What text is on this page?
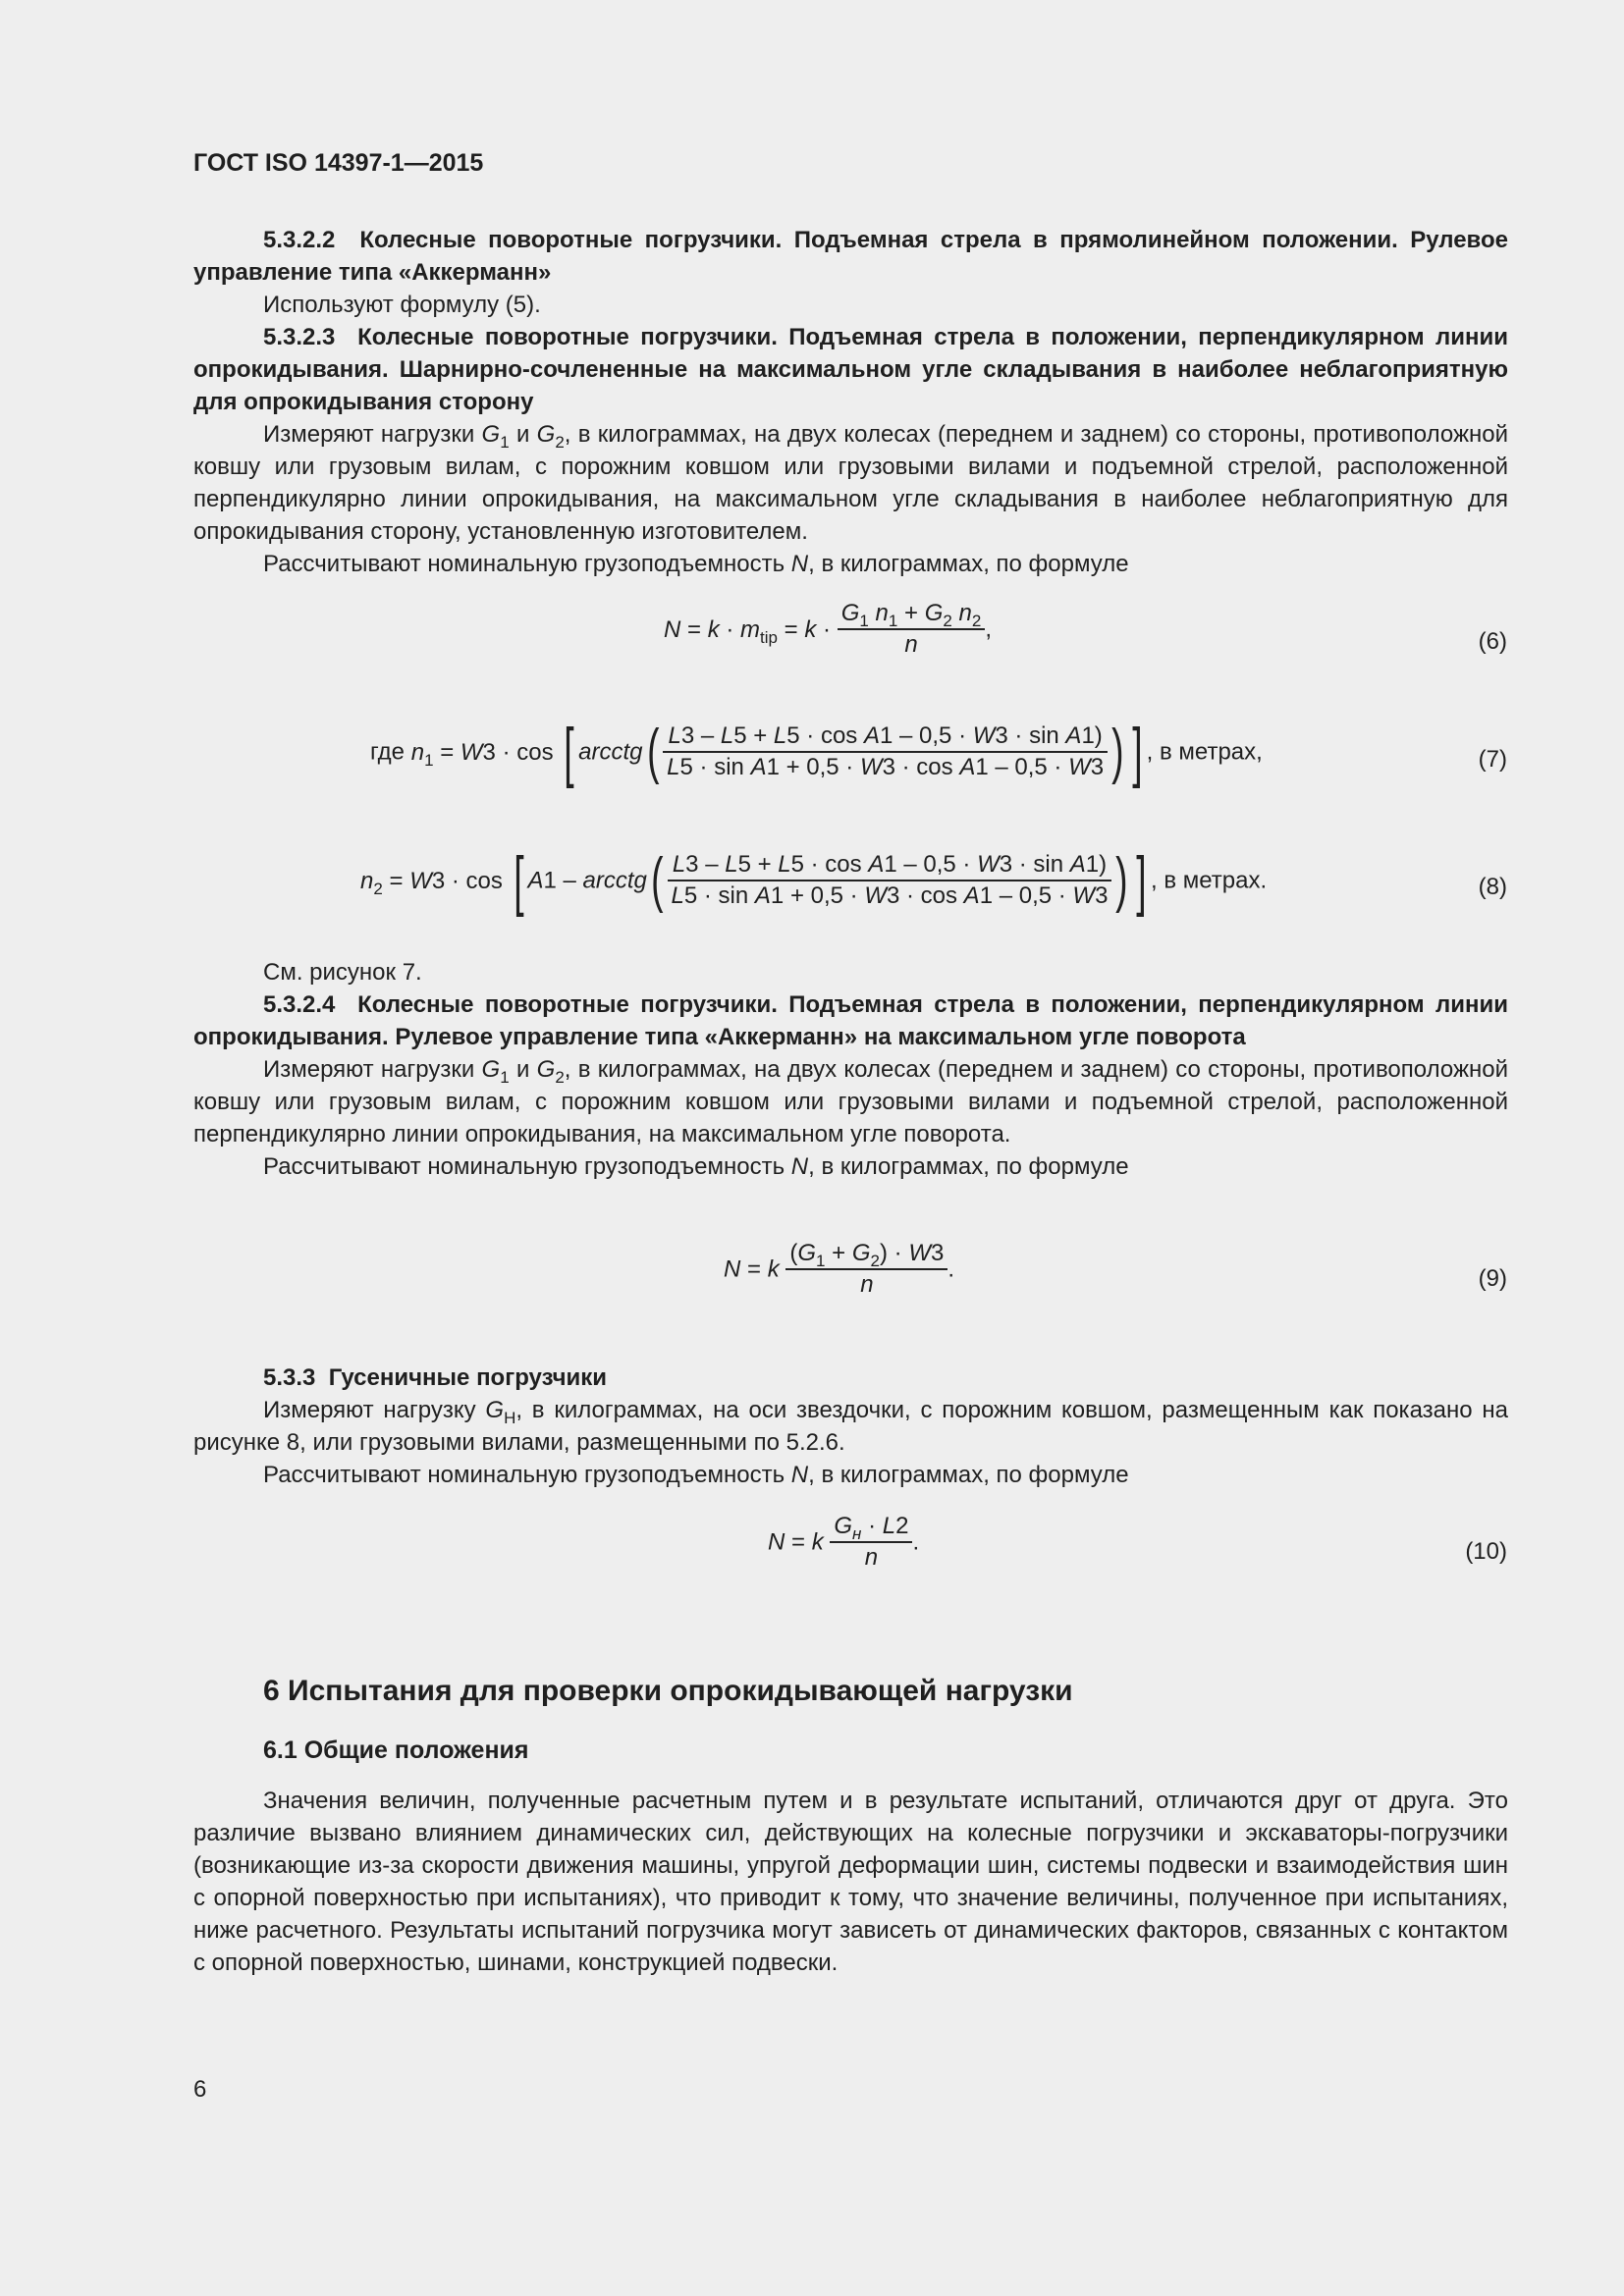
ГОСТ ISO 14397-1—2015

5.3.2.2 Колесные поворотные погрузчики. Подъемная стрела в прямолинейном положении. Рулевое управление типа «Аккерманн»

Используют формулу (5).

5.3.2.3 Колесные поворотные погрузчики. Подъемная стрела в положении, перпендикулярном линии опрокидывания. Шарнирно-сочлененные на максимальном угле складывания в наиболее неблагоприятную для опрокидывания сторону

Измеряют нагрузки $G_1$ и $G_2$, в килограммах, на двух колесах (переднем и заднем) со стороны, противоположной ковшу или грузовым вилам, с порожним ковшом или грузовыми вилами и подъемной стрелой, расположенной перпендикулярно линии опрокидывания, на максимальном угле складывания в наиболее неблагоприятную для опрокидывания сторону, установленную изготовителем.

Рассчитывают номинальную грузоподъемность N, в килограммах, по формуле

$N = k \cdot m_{tip} = k \cdot \frac{G_1 n_1 + G_2 n_2}{n}$ ,	(6)
где $n_1 = W3 \cdot \cos$ [ arcctg( $\frac{\text{L3 – L5 + L5 · cos A1 – 0,5 · W3 · sin A1)}}{\text{L5 · sin A1 + 0,5 · W3 · cos A1 – 0,5 · W3}}$ ) ] , в метрах,	(7)
$n_2 = W3 \cdot \cos$ [ A1 – arcctg( $\frac{\text{L3 – L5 + L5 · cos A1 – 0,5 · W3 · sin A1)}}{\text{L5 · sin A1 + 0,5 · W3 · cos A1 – 0,5 · W3}}$ ) ] , в метрах.	(8)

См. рисунок 7.

5.3.2.4 Колесные поворотные погрузчики. Подъемная стрела в положении, перпендикулярном линии опрокидывания. Рулевое управление типа «Аккерманн» на максимальном угле поворота

Измеряют нагрузки $G_1$ и $G_2$, в килограммах, на двух колесах (переднем и заднем) со стороны, противоположной ковшу или грузовым вилам, с порожним ковшом или грузовыми вилами и подъемной стрелой, расположенной перпендикулярно линии опрокидывания, на максимальном угле поворота.

Рассчитывают номинальную грузоподъемность N, в килограммах, по формуле

N = k $\frac{(G_1 + G_2) \cdot W3}{n}$ .	(9)

5.3.3 Гусеничные погрузчики

Измеряют нагрузку $G_H$, в килограммах, на оси звездочки, с порожним ковшом, размещенным как показано на рисунке 8, или грузовыми вилами, размещенными по 5.2.6.

Рассчитывают номинальную грузоподъемность N, в килограммах, по формуле

N = k $\frac{G_н \cdot L2}{n}$ .	(10)
6 Испытания для проверки опрокидывающей нагрузки
6.1 Общие положения

Значения величин, полученные расчетным путем и в результате испытаний, отличаются друг от друга. Это различие вызвано влиянием динамических сил, действующих на колесные погрузчики и экскаваторы-погрузчики (возникающие из-за скорости движения машины, упругой деформации шин, системы подвески и взаимодействия шин с опорной поверхностью при испытаниях), что приводит к тому, что значение величины, полученное при испытаниях, ниже расчетного. Результаты испытаний погрузчика могут зависеть от динамических факторов, связанных с контактом с опорной поверхностью, шинами, конструкцией подвески.

6
